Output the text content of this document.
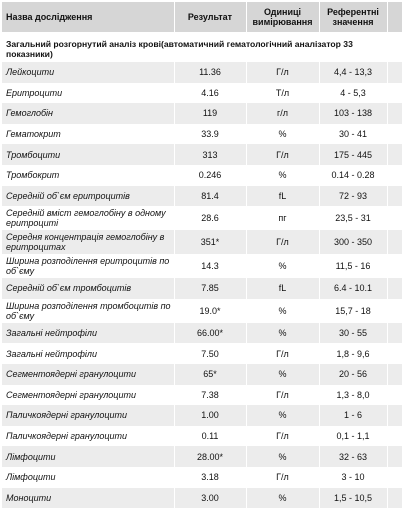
Назва дослідження	Результат	Одиниці вимірювання	Референтні значення	
Загальний розгорнутий аналіз крові(автоматичний гематологічний аналізатор 33 показники)				
Лейкоцити	11.36	Г/л	4,4 - 13,3	
Еритроцити	4.16	Т/л	4 - 5,3	
Гемоглобін	119	г/л	103 - 138	
Гематокрит	33.9	%	30 - 41	
Тромбоцити	313	Г/л	175 - 445	
Тромбокрит	0.246	%	0.14 - 0.28	
Середній об`єм еритроцитів	81.4	fL	72 - 93	
Середній вміст гемоглобіну в одному еритроциті	28.6	пг	23,5 - 31	
Середня концентрація гемоглобіну в еритроцитах	351*	Г/л	300 - 350	
Ширина розподілення еритроцитів по об`єму	14.3	%	11,5 - 16	
Середній об`єм тромбоцитів	7.85	fL	6.4 - 10.1	
Ширина розподілення тромбоцитів по об`єму	19.0*	%	15,7 - 18	
Загальні нейтрофіли	66.00*	%	30 - 55	
Загальні нейтрофіли	7.50	Г/л	1,8 - 9,6	
Сегментоядерні гранулоцити	65*	%	20 - 56	
Сегментоядерні гранулоцити	7.38	Г/л	1,3 - 8,0	
Паличкоядерні гранулоцити	1.00	%	1 - 6	
Паличкоядерні гранулоцити	0.11	Г/л	0,1 - 1,1	
Лімфоцити	28.00*	%	32 - 63	
Лімфоцити	3.18	Г/л	3 - 10	
Моноцити	3.00	%	1,5 - 10,5	
